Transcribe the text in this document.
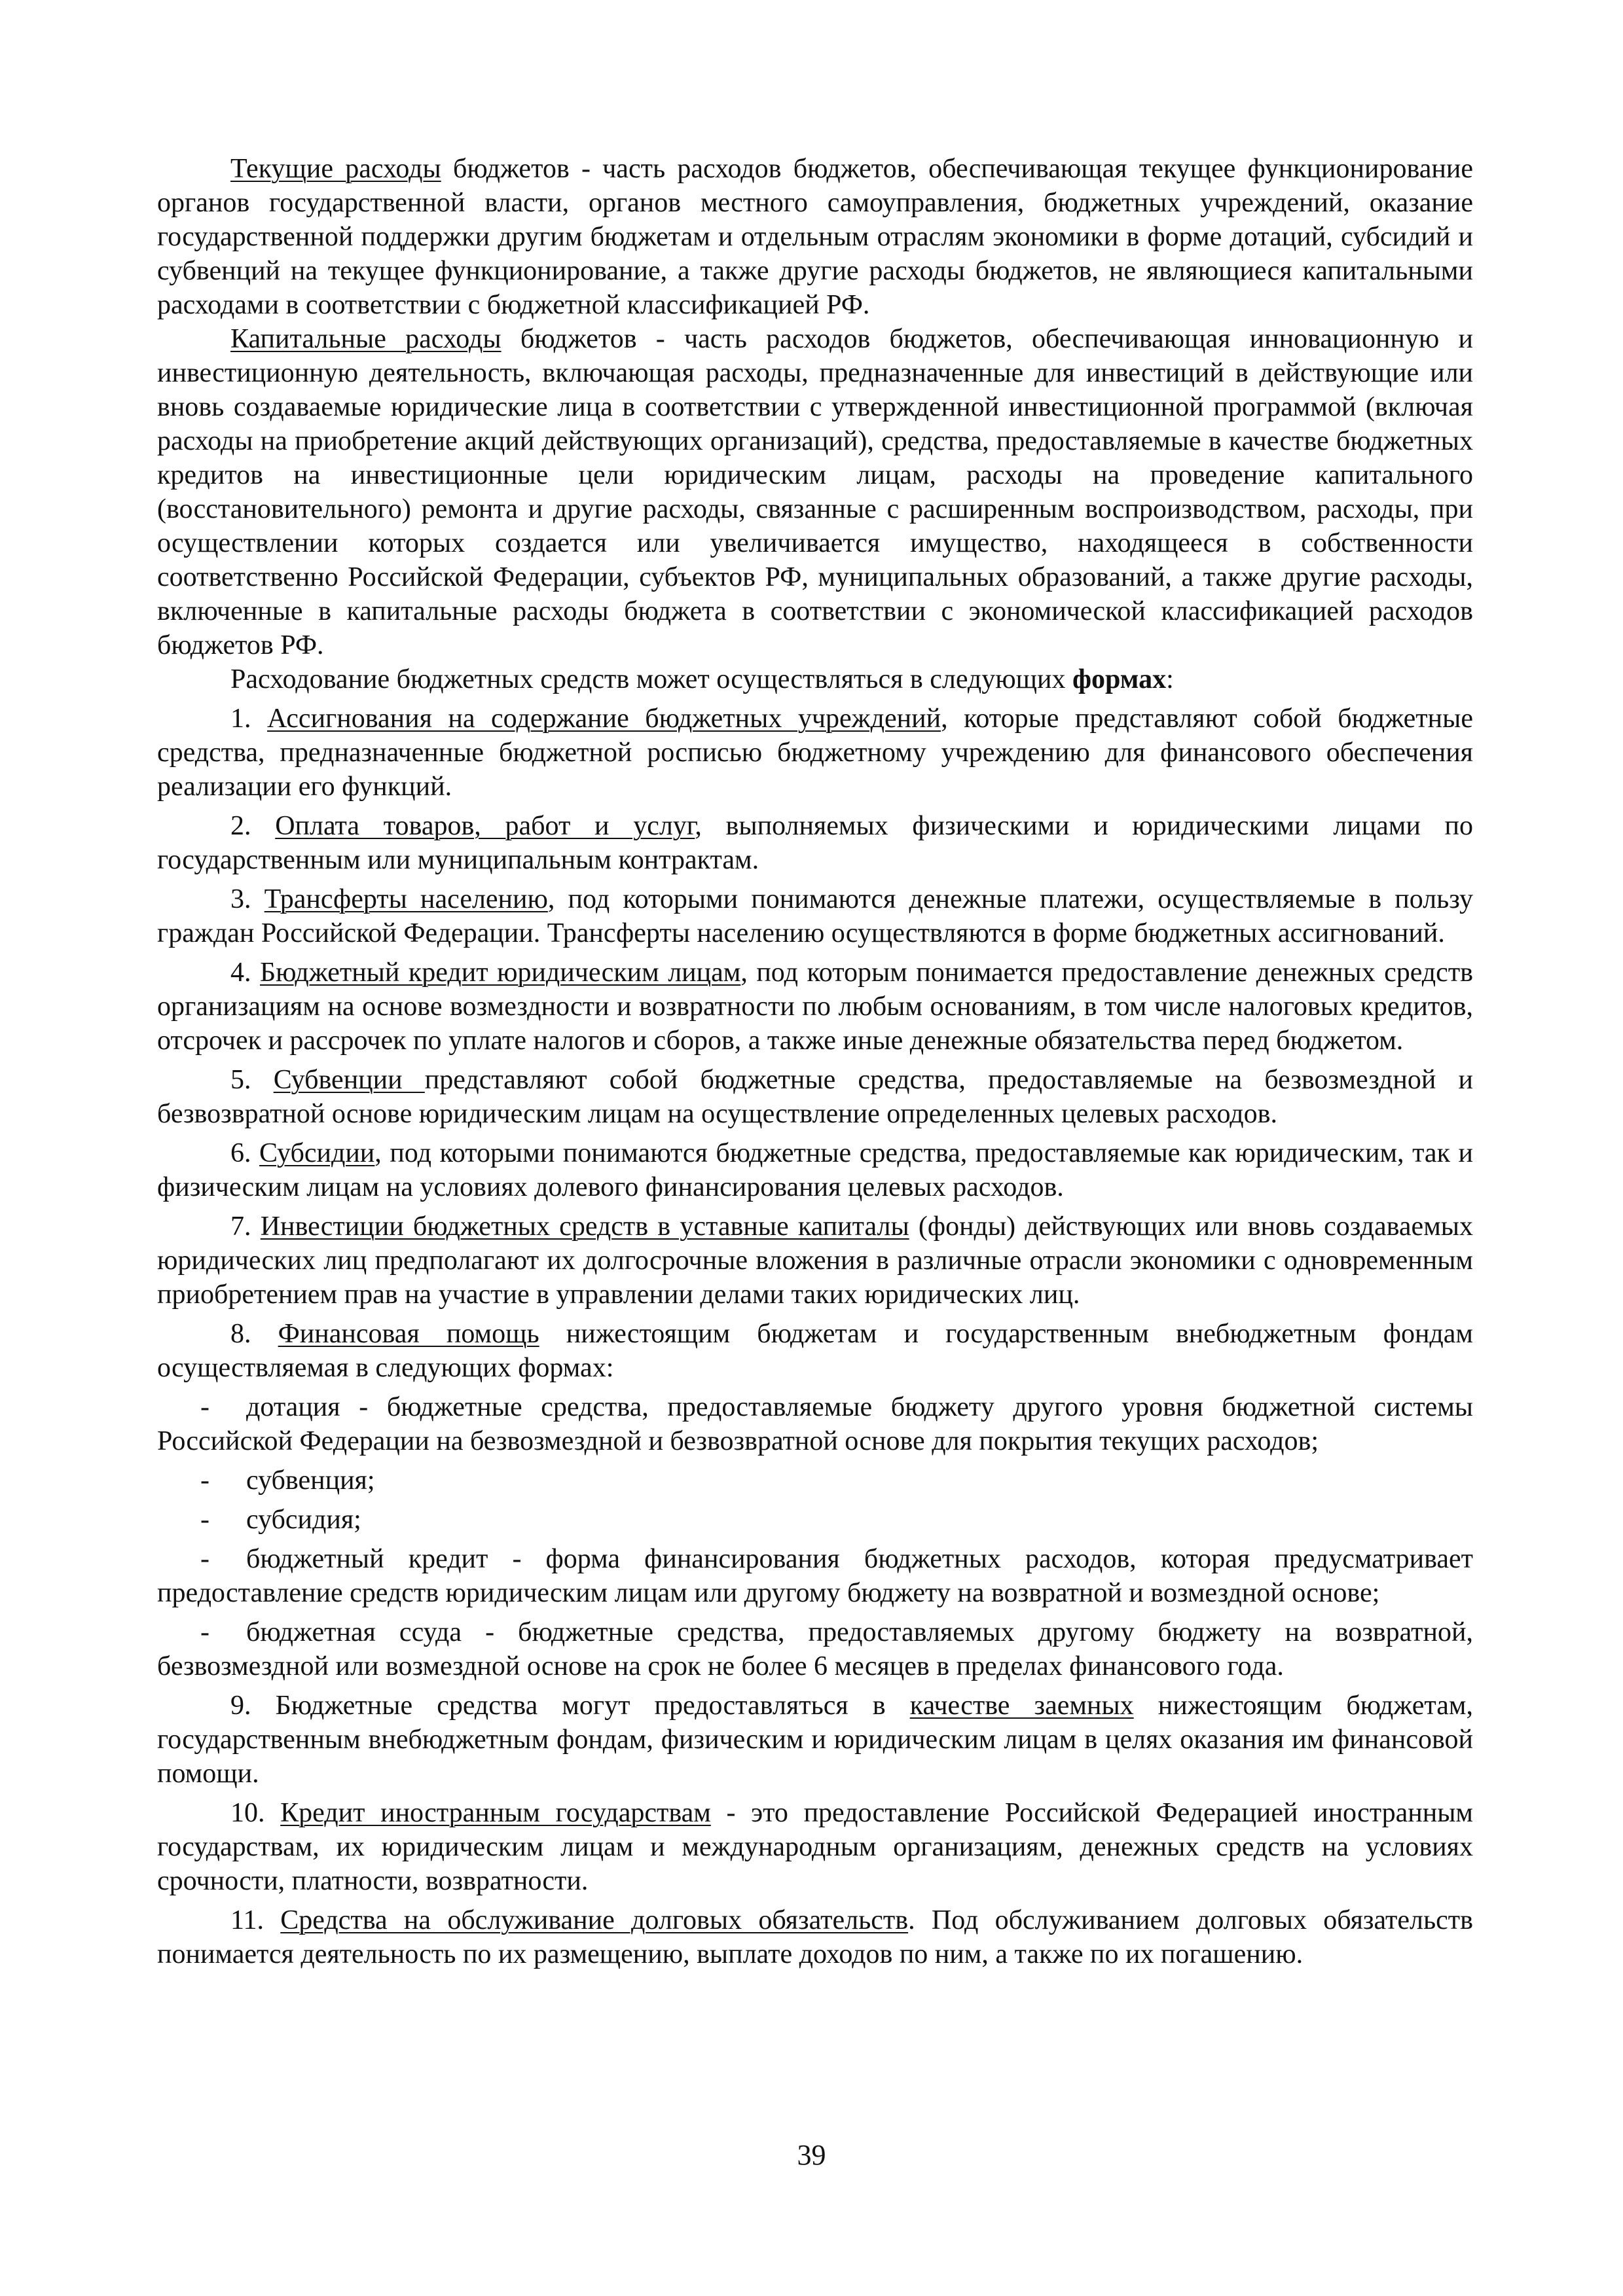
Текущие расходы бюджетов - часть расходов бюджетов, обеспечивающая текущее функционирование органов государственной власти, органов местного самоуправления, бюджетных учреждений, оказание государственной поддержки другим бюджетам и отдельным отраслям экономики в форме дотаций, субсидий и субвенций на текущее функционирование, а также другие расходы бюджетов, не являющиеся капитальными расходами в соответствии с бюджетной классификацией РФ.

Капитальные расходы бюджетов - часть расходов бюджетов, обеспечивающая инновационную и инвестиционную деятельность, включающая расходы, предназначенные для инвестиций в действующие или вновь создаваемые юридические лица в соответствии с утвержденной инвестиционной программой (включая расходы на приобретение акций действующих организаций), средства, предоставляемые в качестве бюджетных кредитов на инвестиционные цели юридическим лицам, расходы на проведение капитального (восстановительного) ремонта и другие расходы, связанные с расширенным воспроизводством, расходы, при осуществлении которых создается или увеличивается имущество, находящееся в собственности соответственно Российской Федерации, субъектов РФ, муниципальных образований, а также другие расходы, включенные в капитальные расходы бюджета в соответствии с экономической классификацией расходов бюджетов РФ.

Расходование бюджетных средств может осуществляться в следующих формах:

1. Ассигнования на содержание бюджетных учреждений, которые представляют собой бюджетные средства, предназначенные бюджетной росписью бюджетному учреждению для финансового обеспечения реализации его функций.

2. Оплата товаров, работ и услуг, выполняемых физическими и юридическими лицами по государственным или муниципальным контрактам.

3. Трансферты населению, под которыми понимаются денежные платежи, осуществляемые в пользу граждан Российской Федерации. Трансферты населению осуществляются в форме бюджетных ассигнований.

4. Бюджетный кредит юридическим лицам, под которым понимается предоставление денежных средств организациям на основе возмездности и возвратности по любым основаниям, в том числе налоговых кредитов, отсрочек и рассрочек по уплате налогов и сборов, а также иные денежные обязательства перед бюджетом.

5. Субвенции представляют собой бюджетные средства, предоставляемые на безвозмездной и безвозвратной основе юридическим лицам на осуществление определенных целевых расходов.

6. Субсидии, под которыми понимаются бюджетные средства, предоставляемые как юридическим, так и физическим лицам на условиях долевого финансирования целевых расходов.

7. Инвестиции бюджетных средств в уставные капиталы (фонды) действующих или вновь создаваемых юридических лиц предполагают их долгосрочные вложения в различные отрасли экономики с одновременным приобретением прав на участие в управлении делами таких юридических лиц.

8. Финансовая помощь нижестоящим бюджетам и государственным внебюджетным фондам осуществляемая в следующих формах:

- дотация - бюджетные средства, предоставляемые бюджету другого уровня бюджетной системы Российской Федерации на безвозмездной и безвозвратной основе для покрытия текущих расходов;

- субвенция;

- субсидия;

- бюджетный кредит - форма финансирования бюджетных расходов, которая предусматривает предоставление средств юридическим лицам или другому бюджету на возвратной и возмездной основе;

- бюджетная ссуда - бюджетные средства, предоставляемых другому бюджету на возвратной, безвозмездной или возмездной основе на срок не более 6 месяцев в пределах финансового года.

9. Бюджетные средства могут предоставляться в качестве заемных нижестоящим бюджетам, государственным внебюджетным фондам, физическим и юридическим лицам в целях оказания им финансовой помощи.

10. Кредит иностранным государствам - это предоставление Российской Федерацией иностранным государствам, их юридическим лицам и международным организациям, денежных средств на условиях срочности, платности, возвратности.

11. Средства на обслуживание долговых обязательств. Под обслуживанием долговых обязательств понимается деятельность по их размещению, выплате доходов по ним, а также по их погашению.

39
